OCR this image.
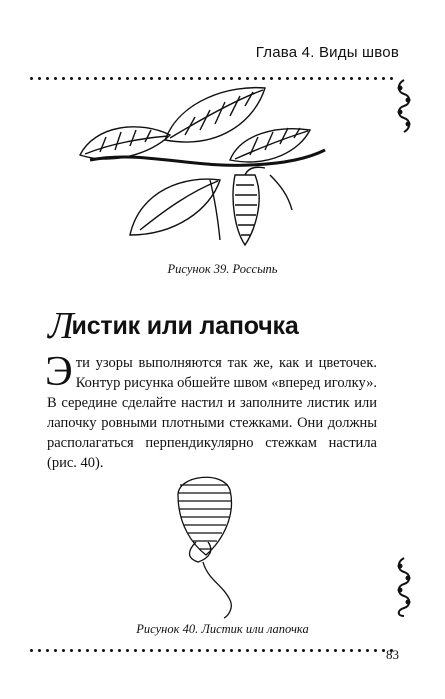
Глава 4. Виды швов
Рисунок 39. Россыпь
Листик или лапочка

Эти узоры выполняются так же, как и цветочек. Контур рисунка обшейте швом «вперед иголку». В середине сделайте настил и заполните листик или лапочку ровными плотными стежками. Они должны располагаться перпендикулярно стежкам настила (рис. 40).

Рисунок 40. Листик или лапочка
83
